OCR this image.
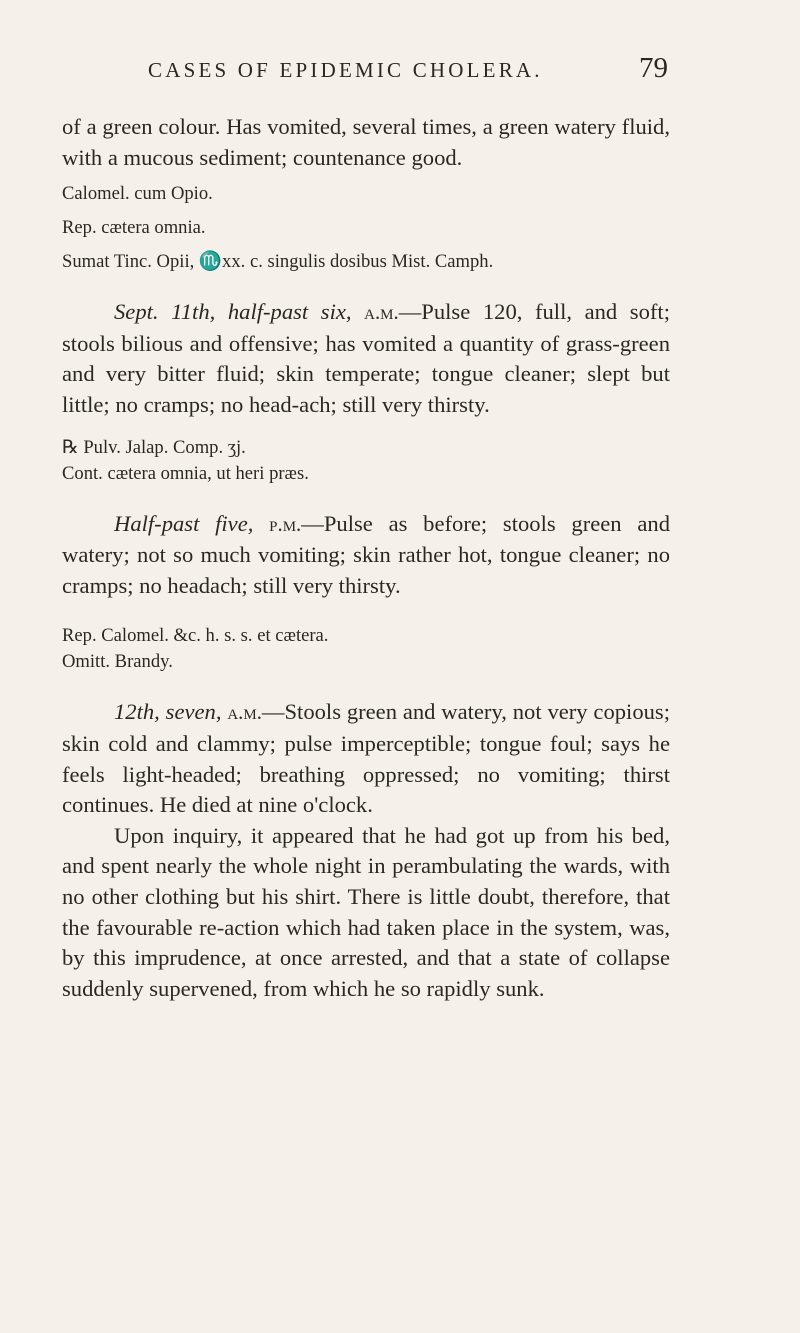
CASES OF EPIDEMIC CHOLERA.	79

of a green colour. Has vomited, several times, a green watery fluid, with a mucous sediment; countenance good.

Calomel. cum Opio.

Rep. cætera omnia.

Sumat Tinc. Opii, ♏xx. c. singulis dosibus Mist. Camph.

Sept. 11th, half-past six, a.m.—Pulse 120, full, and soft; stools bilious and offensive; has vomited a quantity of grass-green and very bitter fluid; skin temperate; tongue cleaner; slept but little; no cramps; no head-ach; still very thirsty.

℞ Pulv. Jalap. Comp. ʒj.

Cont. cætera omnia, ut heri præs.

Half-past five, p.m.—Pulse as before; stools green and watery; not so much vomiting; skin rather hot, tongue cleaner; no cramps; no headach; still very thirsty.

Rep. Calomel. &c. h. s. s. et cætera.

Omitt. Brandy.

12th, seven, a.m.—Stools green and watery, not very copious; skin cold and clammy; pulse imperceptible; tongue foul; says he feels light-headed; breathing oppressed; no vomiting; thirst continues. He died at nine o'clock.

Upon inquiry, it appeared that he had got up from his bed, and spent nearly the whole night in perambulating the wards, with no other clothing but his shirt. There is little doubt, therefore, that the favourable re-action which had taken place in the system, was, by this imprudence, at once arrested, and that a state of collapse suddenly supervened, from which he so rapidly sunk.
